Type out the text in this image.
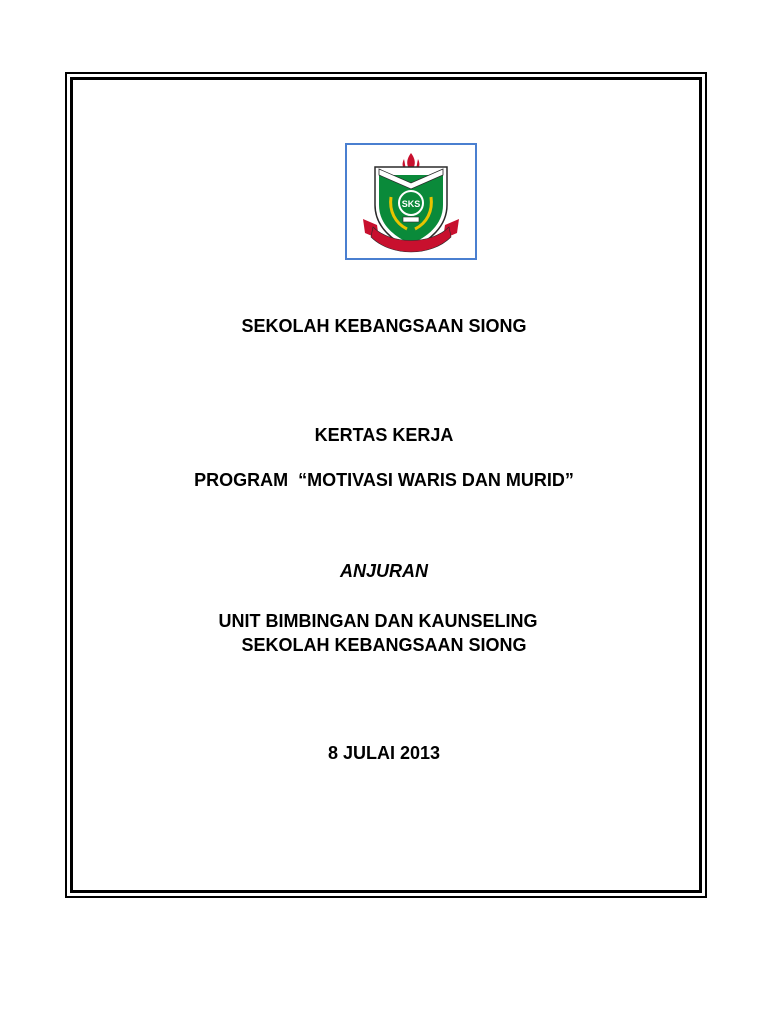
SKS
SEKOLAH KEBANGSAAN SIONG
KERTAS KERJA
PROGRAM  “MOTIVASI WARIS DAN MURID”
ANJURAN
UNIT BIMBINGAN DAN KAUNSELING
SEKOLAH KEBANGSAAN SIONG
8 JULAI 2013
